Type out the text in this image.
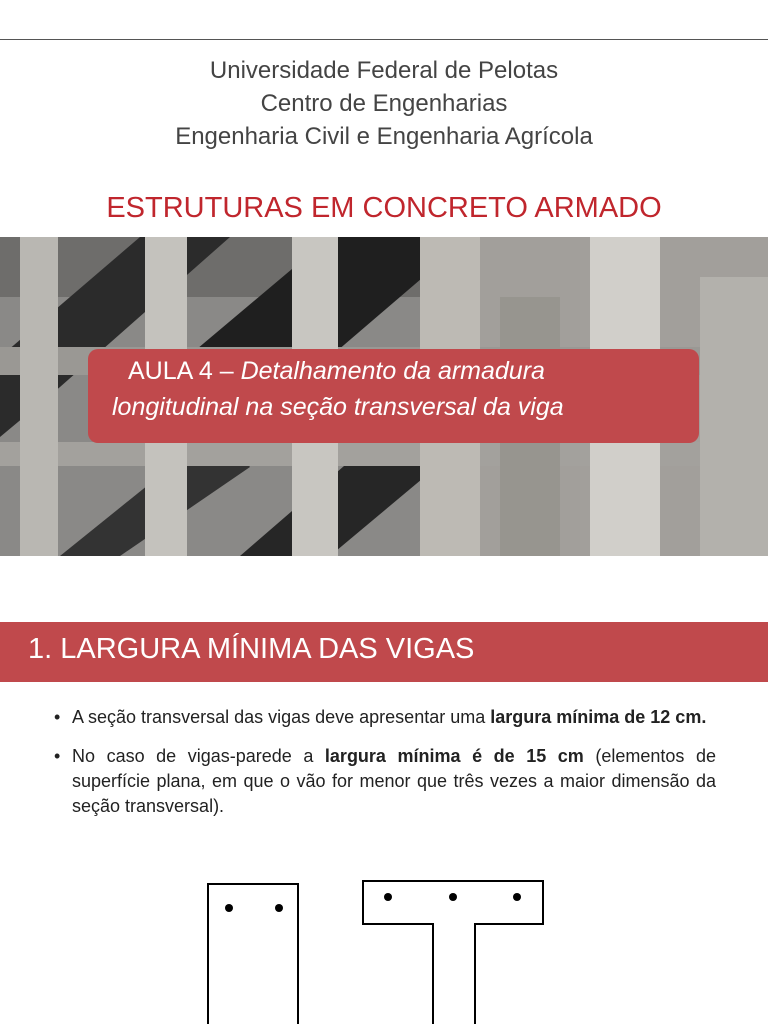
Universidade Federal de Pelotas
Centro de Engenharias
Engenharia Civil e Engenharia Agrícola
ESTRUTURAS EM CONCRETO ARMADO
AULA 4 – Detalhamento da armadura
longitudinal na seção transversal da viga
1. LARGURA MÍNIMA DAS VIGAS
• A seção transversal das vigas deve apresentar uma largura mínima de 12 cm.
• No caso de vigas-parede a largura mínima é de 15 cm (elementos de superfície plana, em que o vão for menor que três vezes a maior dimensão da seção transversal).
